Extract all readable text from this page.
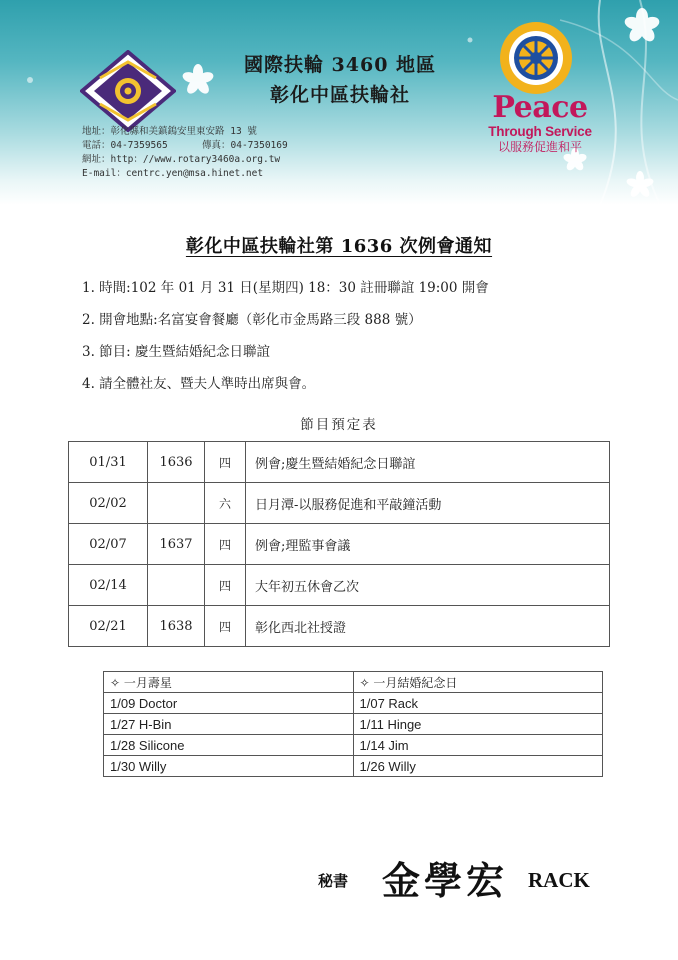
國際扶輪 3460 地區
彰化中區扶輪社
地址：彰化縣和美鎮鎢安里東安路 13 號
電話：04-7359565      傳真：04-7350169
網址：http：//www.rotary3460a.org.tw
E-mail：centrc.yen@msa.hinet.net
Peace
Through Service
以服務促進和平
彰化中區扶輪社第 1636 次例會通知
1. 時間:102 年 01 月 31 日(星期四) 18：30 註冊聯誼 19:00 開會
2. 開會地點:名富宴會餐廳（彰化市金馬路三段 888 號）
3. 節目: 慶生暨結婚紀念日聯誼
4. 請全體社友、暨夫人準時出席與會。
節目預定表
01/31	1636	四	例會;慶生暨結婚紀念日聯誼
02/02		六	日月潭-以服務促進和平敲鐘活動
02/07	1637	四	例會;理監事會議
02/14		四	大年初五休會乙次
02/21	1638	四	彰化西北社授證
✧ 一月壽星	✧ 一月結婚紀念日
1/09 Doctor	1/07 Rack
1/27 H-Bin	1/11 Hinge
1/28 Silicone	1/14 Jim
1/30 Willy	1/26 Willy
秘書 金學宏 RACK
